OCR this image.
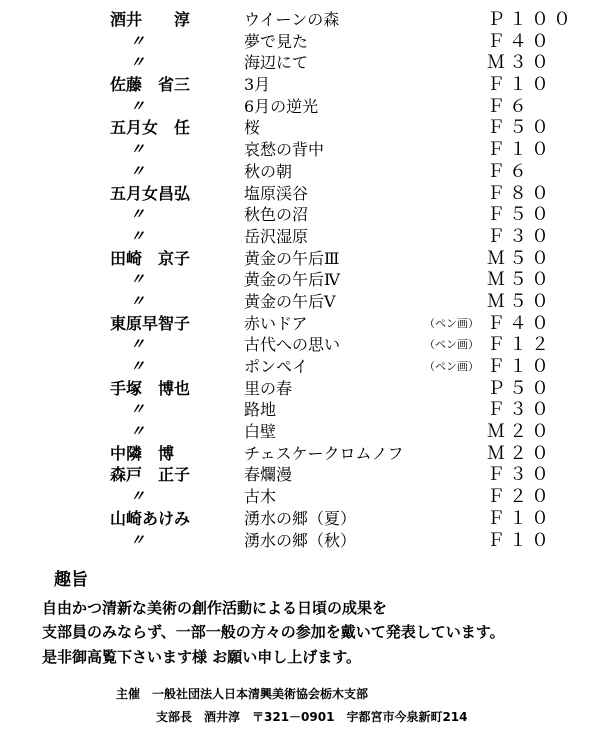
酒井　　淳	ウイーンの森	Ｐ１００
〃	夢で見た	Ｆ４０
〃	海辺にて	Ｍ３０
佐藤　省三	3月	Ｆ１０
〃	6月の逆光	Ｆ６
五月女　任	桜	Ｆ５０
〃	哀愁の背中	Ｆ１０
〃	秋の朝	Ｆ６
五月女昌弘	塩原渓谷	Ｆ８０
〃	秋色の沼	Ｆ５０
〃	岳沢湿原	Ｆ３０
田崎　京子	黄金の午后Ⅲ	Ｍ５０
〃	黄金の午后Ⅳ	Ｍ５０
〃	黄金の午后Ⅴ	Ｍ５０
東原早智子	赤いドア	（ペン画） Ｆ４０
〃	古代への思い	（ペン画） Ｆ１２
〃	ポンペイ	（ペン画） Ｆ１０
手塚　博也	里の春	Ｐ５０
〃	路地	Ｆ３０
〃	白壁	Ｍ２０
中隣　博	チェスケークロムノフ	Ｍ２０
森戸　正子	春爛漫	Ｆ３０
〃	古木	Ｆ２０
山崎あけみ	湧水の郷（夏）	Ｆ１０
〃	湧水の郷（秋）	Ｆ１０
趣旨
自由かつ清新な美術の創作活動による日頃の成果を
支部員のみならず、一部一般の方々の参加を戴いて発表しています。
是非御高覧下さいます様 お願い申し上げます。
主催　一般社団法人日本清興美術協会栃木支部
支部長　酒井淳　〒321－0901　宇都宮市今泉新町214
